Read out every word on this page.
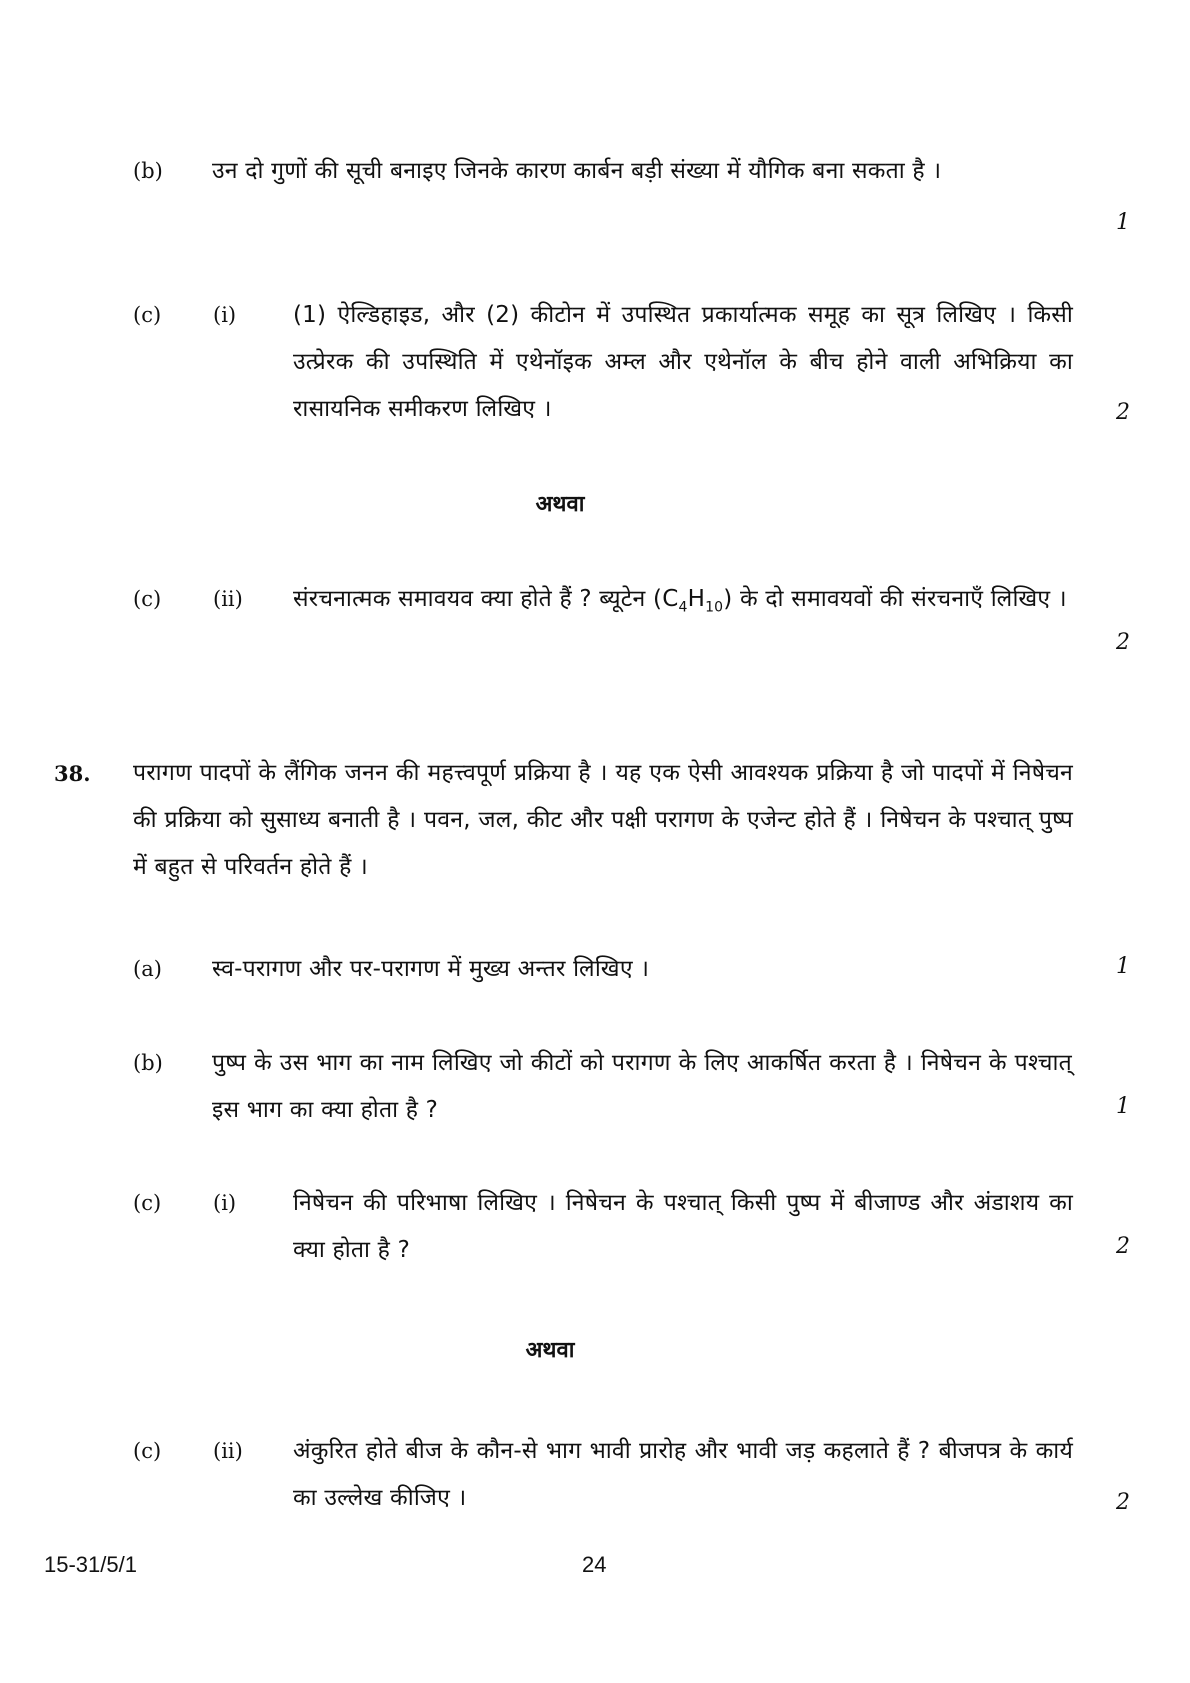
(b) उन दो गुणों की सूची बनाइए जिनके कारण कार्बन बड़ी संख्या में यौगिक बना सकता है ।
1
(c) (i) (1) ऐल्डिहाइड, और (2) कीटोन में उपस्थित प्रकार्यात्मक समूह का सूत्र लिखिए । किसी उत्प्रेरक की उपस्थिति में एथेनॉइक अम्ल और एथेनॉल के बीच होने वाली अभिक्रिया का रासायनिक समीकरण लिखिए ।	2
अथवा
(c) (ii) संरचनात्मक समावयव क्या होते हैं ? ब्यूटेन $(C_4H_{10})$ के दो समावयवों की संरचनाएँ लिखिए ।
2
38. परागण पादपों के लैंगिक जनन की महत्त्वपूर्ण प्रक्रिया है । यह एक ऐसी आवश्यक प्रक्रिया है जो पादपों में निषेचन की प्रक्रिया को सुसाध्य बनाती है । पवन, जल, कीट और पक्षी परागण के एजेन्ट होते हैं । निषेचन के पश्चात् पुष्प में बहुत से परिवर्तन होते हैं ।
(a) स्व-परागण और पर-परागण में मुख्य अन्तर लिखिए ।	1
(b) पुष्प के उस भाग का नाम लिखिए जो कीटों को परागण के लिए आकर्षित करता है । निषेचन के पश्चात् इस भाग का क्या होता है ?	1
(c) (i) निषेचन की परिभाषा लिखिए । निषेचन के पश्चात् किसी पुष्प में बीजाण्ड और अंडाशय का क्या होता है ?	2
अथवा
(c) (ii) अंकुरित होते बीज के कौन-से भाग भावी प्रारोह और भावी जड़ कहलाते हैं ? बीजपत्र के कार्य का उल्लेख कीजिए ।	2
15-31/5/1	24
